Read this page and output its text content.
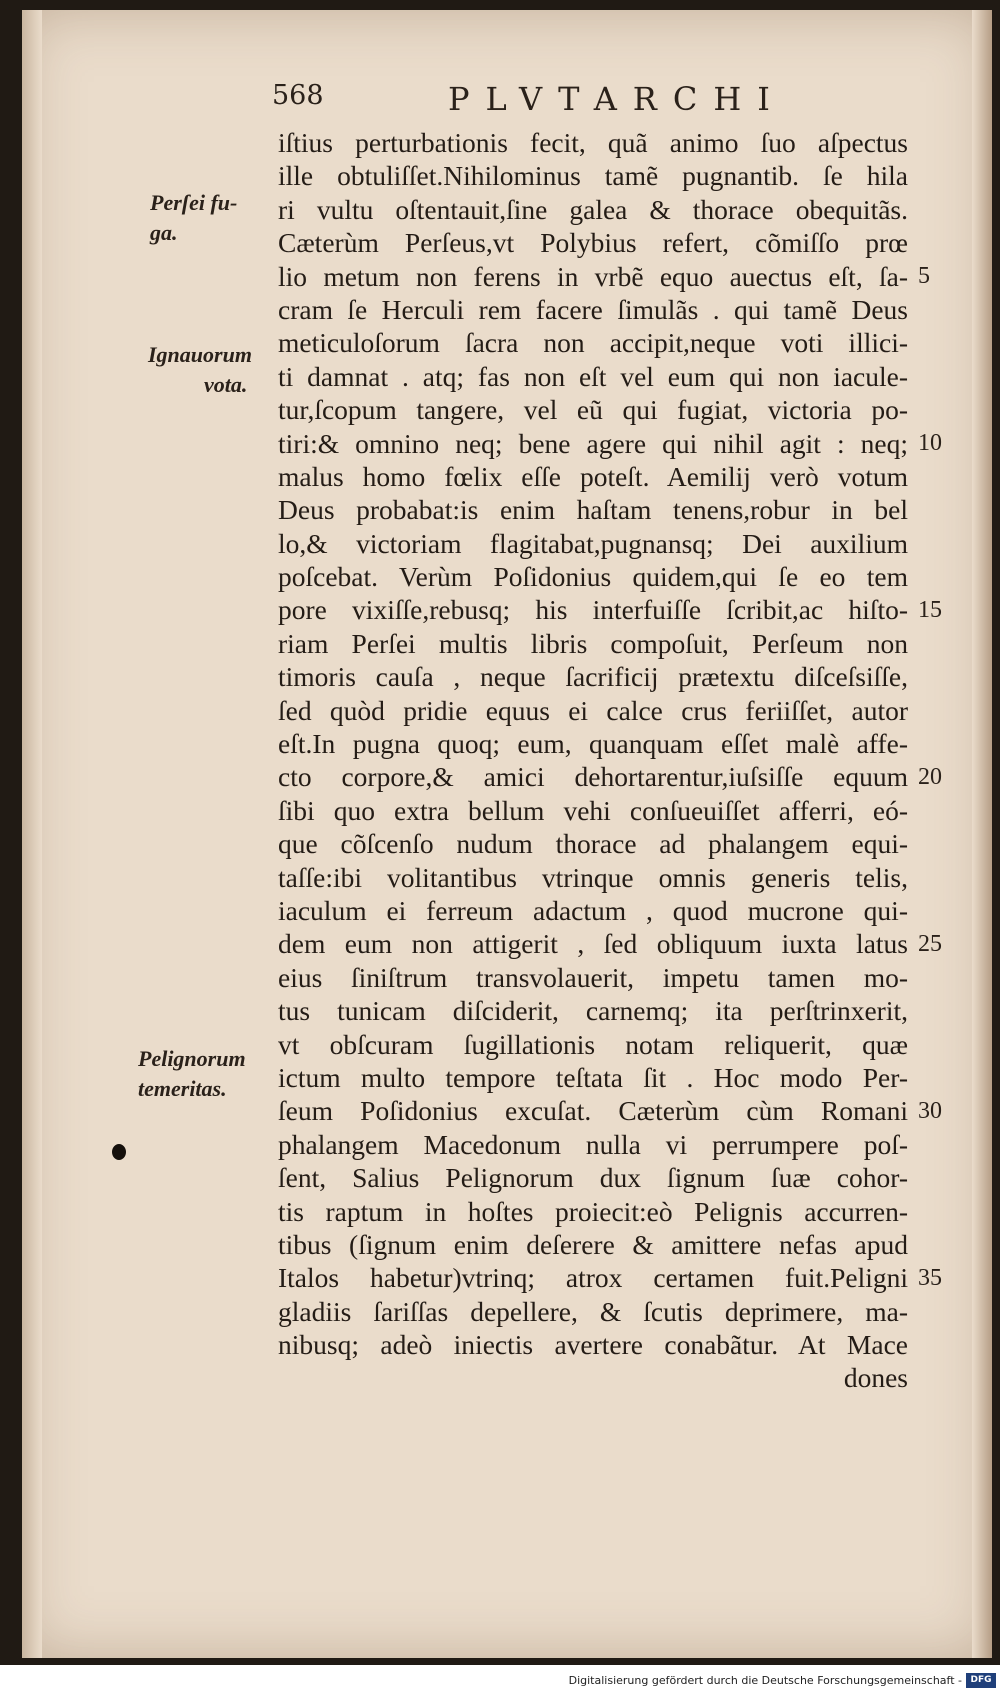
568	PLVTARCHI
iſtius perturbationis fecit, quã animo ſuo aſpectus
ille obtuliſſet.Nihilominus tamẽ pugnantib. ſe hila
ri vultu oſtentauit,ſine galea & thorace obequitãs.
Cæterùm Perſeus,vt Polybius refert, cõmiſſo prœ
lio metum non ferens in vrbẽ equo auectus eſt, ſa-
cram ſe Herculi rem facere ſimulãs . qui tamẽ Deus
meticuloſorum ſacra non accipit,neque voti illici-
ti damnat . atq; fas non eſt vel eum qui non iacule-
tur,ſcopum tangere, vel eũ qui fugiat, victoria po-
tiri:& omnino neq; bene agere qui nihil agit : neq;
malus homo fœlix eſſe poteſt. Aemilij verò votum
Deus probabat:is enim haſtam tenens,robur in bel
lo,& victoriam flagitabat,pugnansq; Dei auxilium
poſcebat. Verùm Poſidonius quidem,qui ſe eo tem
pore vixiſſe,rebusq; his interfuiſſe ſcribit,ac hiſto-
riam Perſei multis libris compoſuit, Perſeum non
timoris cauſa , neque ſacrificij prætextu diſceſsiſſe,
ſed quòd pridie equus ei calce crus feriiſſet, autor
eſt.In pugna quoq; eum, quanquam eſſet malè affe-
cto corpore,& amici dehortarentur,iuſsiſſe equum
ſibi quo extra bellum vehi conſueuiſſet afferri, eó-
que cõſcenſo nudum thorace ad phalangem equi-
taſſe:ibi volitantibus vtrinque omnis generis telis,
iaculum ei ferreum adactum , quod mucrone qui-
dem eum non attigerit , ſed obliquum iuxta latus
eius ſiniſtrum transvolauerit, impetu tamen mo-
tus tunicam diſciderit, carnemq; ita perſtrinxerit,
vt obſcuram ſugillationis notam reliquerit, quæ
ictum multo tempore teſtata ſit . Hoc modo Per-
ſeum Poſidonius excuſat. Cæterùm cùm Romani
phalangem Macedonum nulla vi perrumpere poſ-
ſent, Salius Pelignorum dux ſignum ſuæ cohor-
tis raptum in hoſtes proiecit:eò Pelignis accurren-
tibus (ſignum enim deſerere & amittere nefas apud
Italos habetur)vtrinq; atrox certamen fuit.Peligni
gladiis ſariſſas depellere, & ſcutis deprimere, ma-
nibusq; adeò iniectis avertere conabãtur. At Mace
dones
5
10
15
20
25
30
35
Perſei fu-
ga.
Ignauorum
vota.
Pelignorum
temeritas.
Digitalisierung gefördert durch die Deutsche Forschungsgemeinschaft - DFG
